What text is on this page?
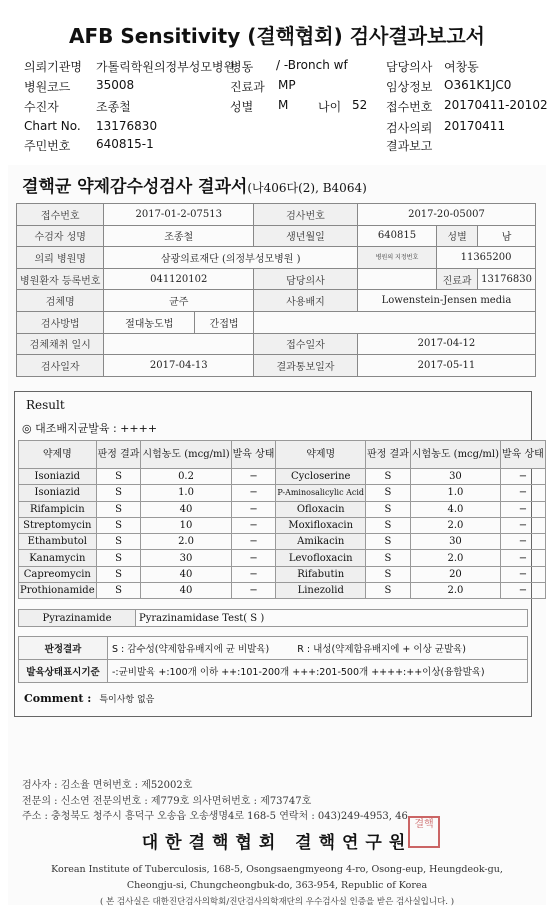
AFB Sensitivity (결핵협회) 검사결과보고서
의뢰기관명 가톨릭학원의정부성모병원
병동 / -Bronch wf	담당의사 여창동
병원코드 35008	진료과 MP	임상정보 O361K1JC0
수진자	조종철	성별 M 나이 52 접수번호 20170411-20102
Chart No. 13176830	검사의뢰 20170411
주민번호 640815-1	결과보고
결핵균 약제감수성검사 결과서(나406다(2), B4064)
접수번호	2017-01-2-07513		검사번호	2017-20-05007		
수검자 성명	조종철		생년월일	640815	성별	남
의뢰 병원명	삼광의료재단 (의정부성모병원 )			병원의 지정번호	11365200	
병원환자 등록번호	041120102		담당의사		진료과	13176830
검체명	균주		사용배지	Lowenstein-Jensen media		
검사방법	절대농도법	간접법				
검체채취 일시			접수일자	2017-04-12		
검사일자	2017-04-13		결과통보일자	2017-05-11		
Result
◎ 대조배지균발육 : ++++
약제명	판정 결과	시험농도 (mcg/ml)	발육 상태	약제명	판정 결과	시험농도 (mcg/ml)	발육 상태
Isoniazid	S	0.2	−	Cycloserine	S	30	−
Isoniazid	S	1.0	−	P-Aminosalicylic Acid	S	1.0	−
Rifampicin	S	40	−	Ofloxacin	S	4.0	−
Streptomycin	S	10	−	Moxifloxacin	S	2.0	−
Ethambutol	S	2.0	−	Amikacin	S	30	−
Kanamycin	S	30	−	Levofloxacin	S	2.0	−
Capreomycin	S	40	−	Rifabutin	S	20	−
Prothionamide	S	40	−	Linezolid	S	2.0	−
Pyrazinamide	Pyrazinamidase Test( S )
판정결과	S : 감수성(약제함유배지에 균 비발육) R : 내성(약제함유배지에 + 이상 균발육)
발육상태표시기준	-:균비발육 +:100개 이하 ++:101-200개 +++:201-500개 ++++:++이상(융합발육)
Comment : 특이사항 없음
검사자 : 김소율 면허번호 : 제52002호
전문의 : 신소연 전문의번호 : 제779호 의사면허번호 : 제73747호
주소 : 충청북도 청주시 흥덕구 오송읍 오송생명4로 168-5 연락처 : 043)249-4953, 46
대한결핵협회 결핵연구원
결핵
Korean Institute of Tuberculosis, 168-5, Osongsaengmyeong 4-ro, Osong-eup, Heungdeok-gu,
Cheongju-si, Chungcheongbuk-do, 363-954, Republic of Korea
( 본 검사실은 대한진단검사의학회/진단검사의학재단의 우수검사실 인증을 받은 검사실입니다. )
